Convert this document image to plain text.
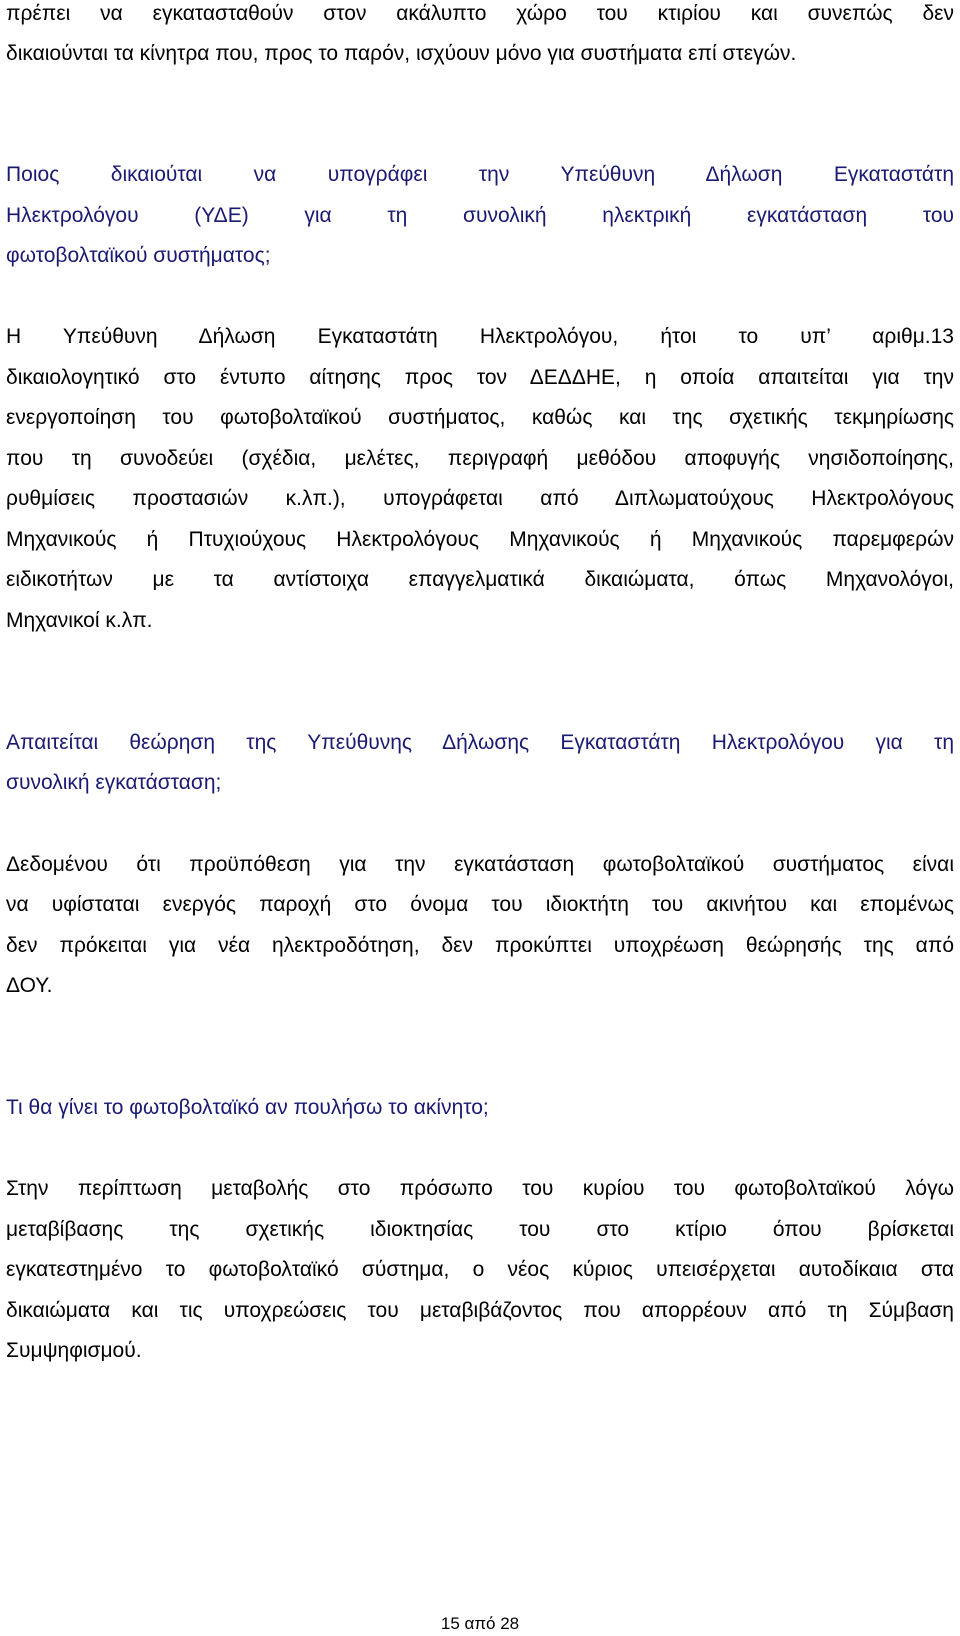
πρέπει να εγκατασταθούν στον ακάλυπτο χώρο του κτιρίου και συνεπώς δεν
δικαιούνται τα κίνητρα που, προς το παρόν, ισχύουν μόνο για συστήματα επί στεγών.
Ποιος δικαιούται να υπογράφει την Υπεύθυνη Δήλωση Εγκαταστάτη
Ηλεκτρολόγου (ΥΔΕ) για τη συνολική ηλεκτρική εγκατάσταση του
φωτοβολταϊκού συστήματος;
Η Υπεύθυνη Δήλωση Εγκαταστάτη Ηλεκτρολόγου, ήτοι το υπ’ αριθμ.13
δικαιολογητικό στο έντυπο αίτησης προς τον ΔΕΔΔΗΕ, η οποία απαιτείται για την
ενεργοποίηση του φωτοβολταϊκού συστήματος, καθώς και της σχετικής τεκμηρίωσης
που τη συνοδεύει (σχέδια, μελέτες, περιγραφή μεθόδου αποφυγής νησιδοποίησης,
ρυθμίσεις προστασιών κ.λπ.), υπογράφεται από Διπλωματούχους Ηλεκτρολόγους
Μηχανικούς ή Πτυχιούχους Ηλεκτρολόγους Μηχανικούς ή Μηχανικούς παρεμφερών
ειδικοτήτων με τα αντίστοιχα επαγγελματικά δικαιώματα, όπως Μηχανολόγοι,
Μηχανικοί κ.λπ.
Απαιτείται θεώρηση της Υπεύθυνης Δήλωσης Εγκαταστάτη Ηλεκτρολόγου για τη
συνολική εγκατάσταση;
Δεδομένου ότι προϋπόθεση για την εγκατάσταση φωτοβολταϊκού συστήματος είναι
να υφίσταται ενεργός παροχή στο όνομα του ιδιοκτήτη του ακινήτου και επομένως
δεν πρόκειται για νέα ηλεκτροδότηση, δεν προκύπτει υποχρέωση θεώρησής της από
ΔΟΥ.
Τι θα γίνει το φωτοβολταϊκό αν πουλήσω το ακίνητο;
Στην περίπτωση μεταβολής στο πρόσωπο του κυρίου του φωτοβολταϊκού λόγω
μεταβίβασης της σχετικής ιδιοκτησίας του στο κτίριο όπου βρίσκεται
εγκατεστημένο το φωτοβολταϊκό σύστημα, ο νέος κύριος υπεισέρχεται αυτοδίκαια στα
δικαιώματα και τις υποχρεώσεις του μεταβιβάζοντος που απορρέουν από τη Σύμβαση
Συμψηφισμού.
15 από 28
